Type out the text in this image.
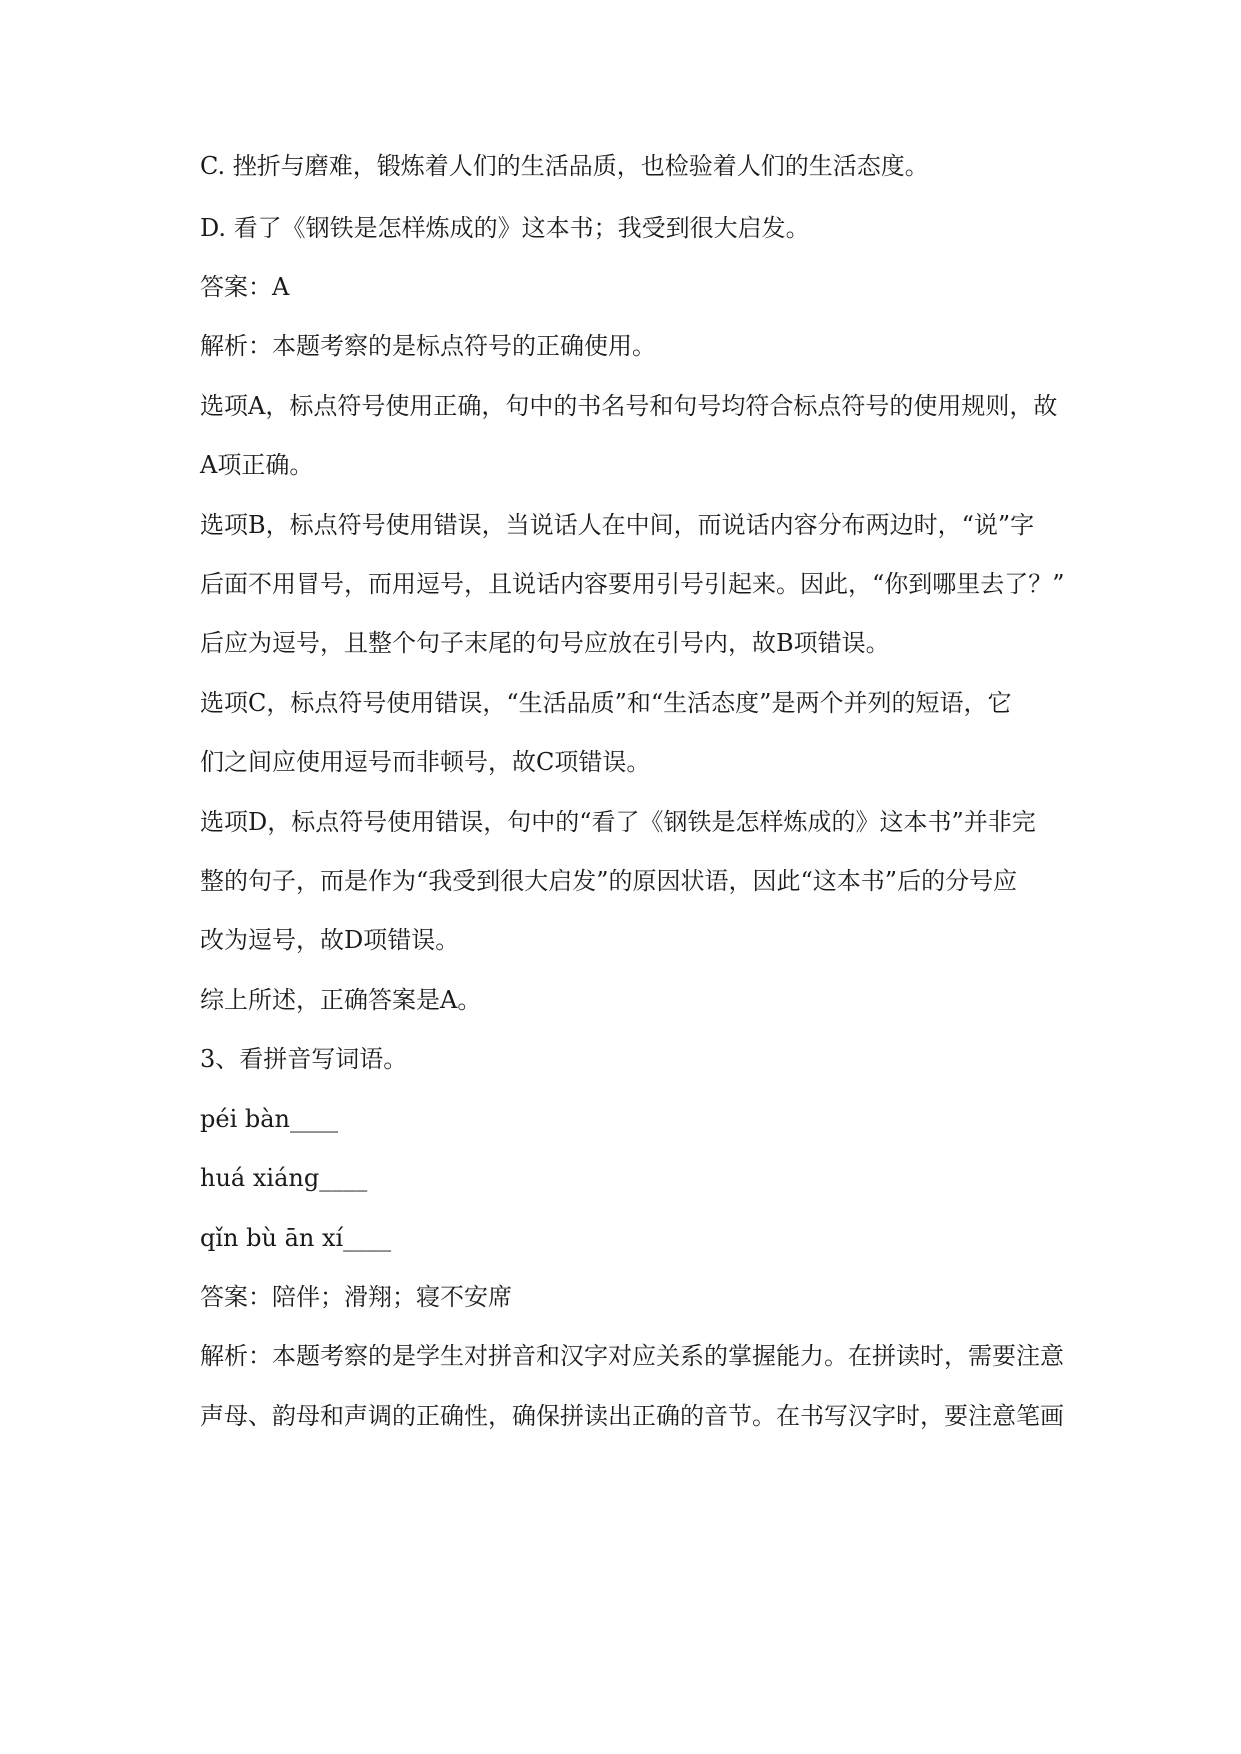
C. 挫折与磨难，锻炼着人们的生活品质，也检验着人们的生活态度。
D. 看了《钢铁是怎样炼成的》这本书；我受到很大启发。
答案：A
解析：本题考察的是标点符号的正确使用。
选项A，标点符号使用正确，句中的书名号和句号均符合标点符号的使用规则，故
A项正确。
选项B，标点符号使用错误，当说话人在中间，而说话内容分布两边时，“说”字
后面不用冒号，而用逗号，且说话内容要用引号引起来。因此，“你到哪里去了？”
后应为逗号，且整个句子末尾的句号应放在引号内，故B项错误。
选项C，标点符号使用错误，“生活品质”和“生活态度”是两个并列的短语，它
们之间应使用逗号而非顿号，故C项错误。
选项D，标点符号使用错误，句中的“看了《钢铁是怎样炼成的》这本书”并非完
整的句子，而是作为“我受到很大启发”的原因状语，因此“这本书”后的分号应
改为逗号，故D项错误。
综上所述，正确答案是A。
3、看拼音写词语。
péi bàn____
huá xiáng____
qǐn bù ān xí____
答案：陪伴；滑翔；寝不安席
解析：本题考察的是学生对拼音和汉字对应关系的掌握能力。在拼读时，需要注意
声母、韵母和声调的正确性，确保拼读出正确的音节。在书写汉字时，要注意笔画
